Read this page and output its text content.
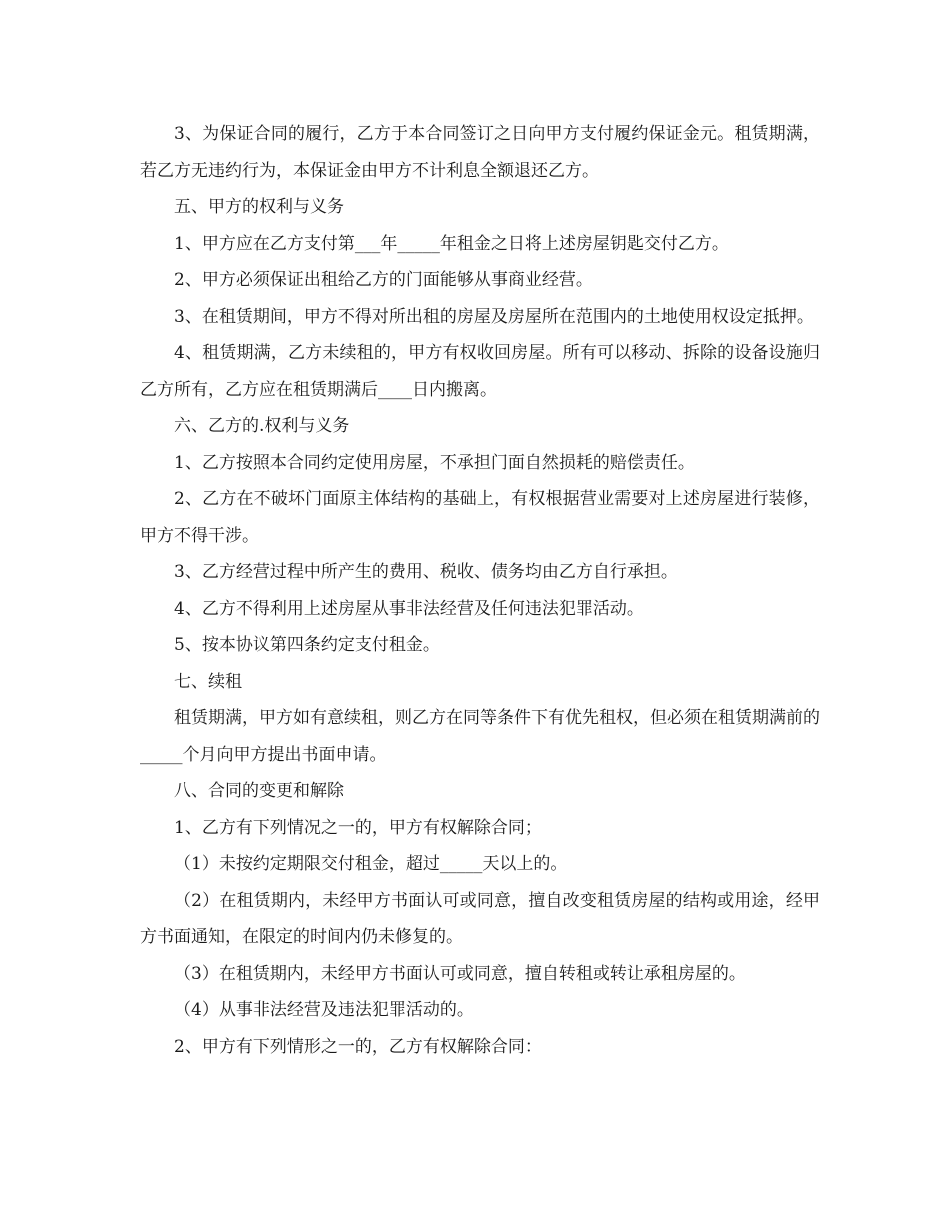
3、为保证合同的履行，乙方于本合同签订之日向甲方支付履约保证金元。租赁期满，若乙方无违约行为，本保证金由甲方不计利息全额退还乙方。

五、甲方的权利与义务

1、甲方应在乙方支付第___年_____年租金之日将上述房屋钥匙交付乙方。

2、甲方必须保证出租给乙方的门面能够从事商业经营。

3、在租赁期间，甲方不得对所出租的房屋及房屋所在范围内的土地使用权设定抵押。

4、租赁期满，乙方未续租的，甲方有权收回房屋。所有可以移动、拆除的设备设施归乙方所有，乙方应在租赁期满后____日内搬离。

六、乙方的.权利与义务

1、乙方按照本合同约定使用房屋，不承担门面自然损耗的赔偿责任。

2、乙方在不破坏门面原主体结构的基础上，有权根据营业需要对上述房屋进行装修，甲方不得干涉。

3、乙方经营过程中所产生的费用、税收、债务均由乙方自行承担。

4、乙方不得利用上述房屋从事非法经营及任何违法犯罪活动。

5、按本协议第四条约定支付租金。

七、续租

租赁期满，甲方如有意续租，则乙方在同等条件下有优先租权，但必须在租赁期满前的_____个月向甲方提出书面申请。

八、合同的变更和解除

1、乙方有下列情况之一的，甲方有权解除合同；

（1）未按约定期限交付租金，超过_____天以上的。

（2）在租赁期内，未经甲方书面认可或同意，擅自改变租赁房屋的结构或用途，经甲方书面通知，在限定的时间内仍未修复的。

（3）在租赁期内，未经甲方书面认可或同意，擅自转租或转让承租房屋的。

（4）从事非法经营及违法犯罪活动的。

2、甲方有下列情形之一的，乙方有权解除合同：
